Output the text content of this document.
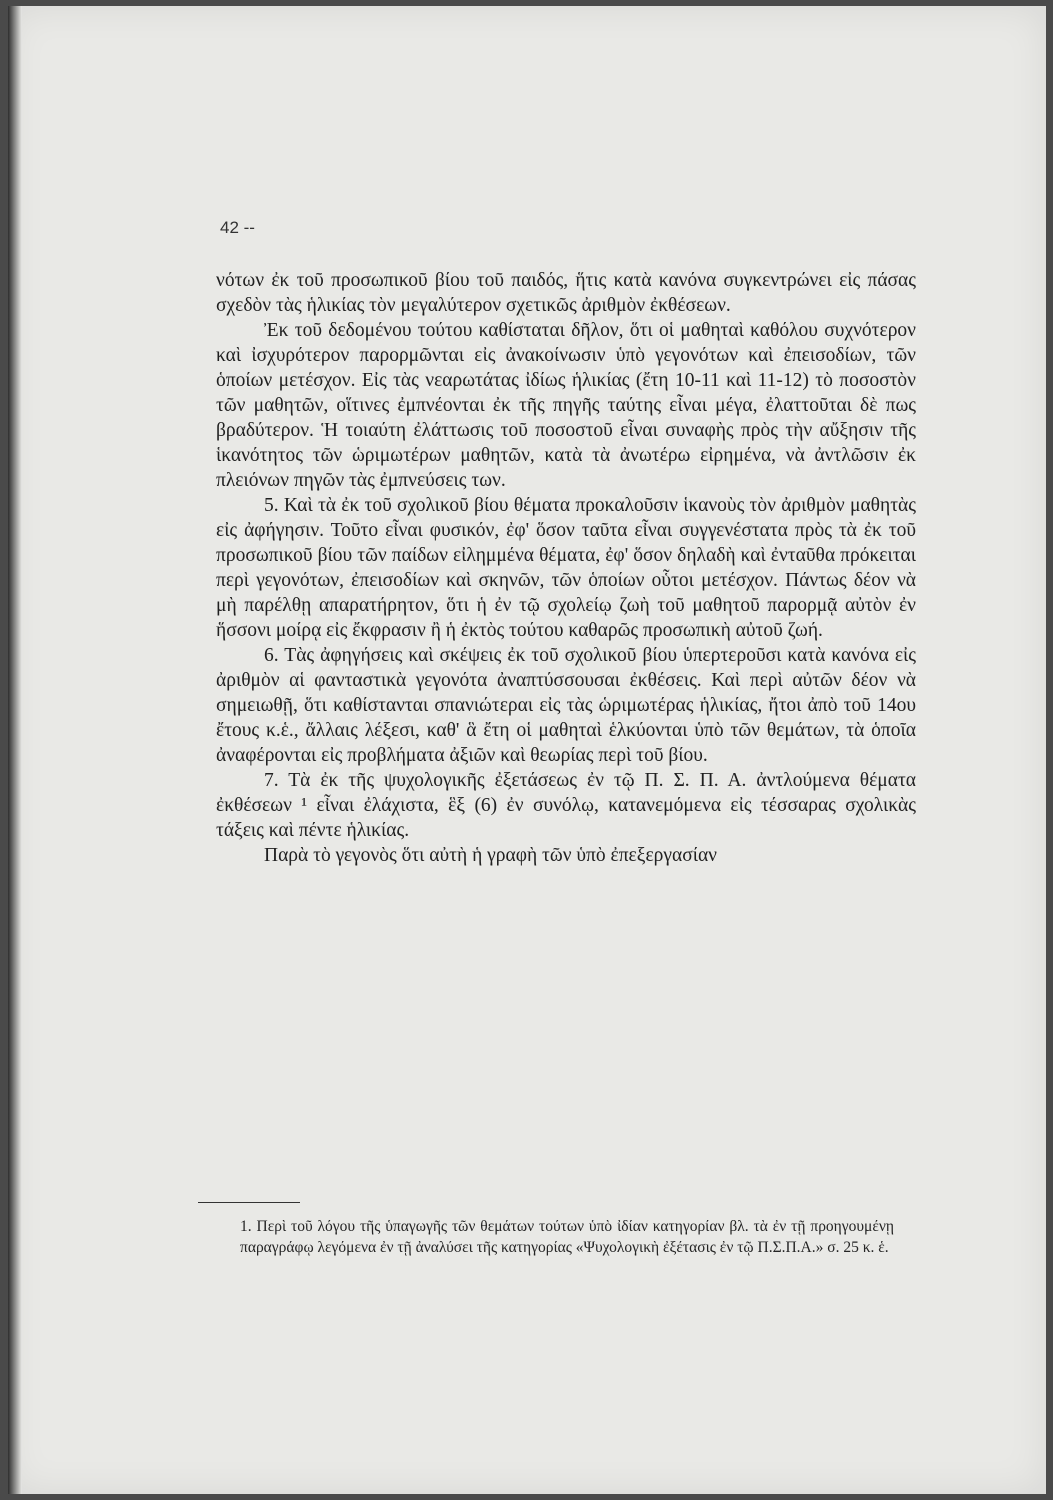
42 --

νότων ἐκ τοῦ προσωπικοῦ βίου τοῦ παιδός, ἥτις κατὰ κανόνα συγκεντρώνει εἰς πάσας σχεδὸν τὰς ἡλικίας τὸν μεγαλύτερον σχετικῶς ἀριθμὸν ἐκθέσεων.

Ἐκ τοῦ δεδομένου τούτου καθίσταται δῆλον, ὅτι οἱ μαθηταὶ καθόλου συχνότερον καὶ ἰσχυρότερον παρορμῶνται εἰς ἀνακοίνωσιν ὑπὸ γεγονότων καὶ ἐπεισοδίων, τῶν ὁποίων μετέσχον. Εἰς τὰς νεαρωτάτας ἰδίως ἡλικίας (ἔτη 10-11 καὶ 11-12) τὸ ποσοστὸν τῶν μαθητῶν, οἵτινες ἐμπνέονται ἐκ τῆς πηγῆς ταύτης εἶναι μέγα, ἐλαττοῦται δὲ πως βραδύτερον. Ἡ τοιαύτη ἐλάττωσις τοῦ ποσοστοῦ εἶναι συναφὴς πρὸς τὴν αὔξησιν τῆς ἱκανότητος τῶν ὡριμωτέρων μαθητῶν, κατὰ τὰ ἀνωτέρω εἰρημένα, νὰ ἀντλῶσιν ἐκ πλειόνων πηγῶν τὰς ἐμπνεύσεις των.

5. Καὶ τὰ ἐκ τοῦ σχολικοῦ βίου θέματα προκαλοῦσιν ἱκανοὺς τὸν ἀριθμὸν μαθητὰς εἰς ἀφήγησιν. Τοῦτο εἶναι φυσικόν, ἐφ' ὅσον ταῦτα εἶναι συγγενέστατα πρὸς τὰ ἐκ τοῦ προσωπικοῦ βίου τῶν παίδων εἰλημμένα θέματα, ἐφ' ὅσον δηλαδὴ καὶ ἐνταῦθα πρόκειται περὶ γεγονότων, ἐπεισοδίων καὶ σκηνῶν, τῶν ὁποίων οὗτοι μετέσχον. Πάντως δέον νὰ μὴ παρέλθῃ απαρατήρητον, ὅτι ἡ ἐν τῷ σχολείῳ ζωὴ τοῦ μαθητοῦ παρορμᾷ αὐτὸν ἐν ἥσσονι μοίρᾳ εἰς ἔκφρασιν ἢ ἡ ἐκτὸς τούτου καθαρῶς προσωπικὴ αὐτοῦ ζωή.

6. Τὰς ἀφηγήσεις καὶ σκέψεις ἐκ τοῦ σχολικοῦ βίου ὑπερτεροῦσι κατὰ κανόνα εἰς ἀριθμὸν αἱ φανταστικὰ γεγονότα ἀναπτύσσουσαι ἐκθέσεις. Καὶ περὶ αὐτῶν δέον νὰ σημειωθῇ, ὅτι καθίστανται σπανιώτεραι εἰς τὰς ὡριμωτέρας ἡλικίας, ἤτοι ἀπὸ τοῦ 14ου ἔτους κ.ἑ., ἄλλαις λέξεσι, καθ' ἃ ἔτη οἱ μαθηταὶ ἑλκύονται ὑπὸ τῶν θεμάτων, τὰ ὁποῖα ἀναφέρονται εἰς προβλήματα ἀξιῶν καὶ θεωρίας περὶ τοῦ βίου.

7. Τὰ ἐκ τῆς ψυχολογικῆς ἐξετάσεως ἐν τῷ Π. Σ. Π. Α. ἀντλούμενα θέματα ἐκθέσεων ¹ εἶναι ἐλάχιστα, ἓξ (6) ἐν συνόλῳ, κατανεμόμενα εἰς τέσσαρας σχολικὰς τάξεις καὶ πέντε ἡλικίας.

Παρὰ τὸ γεγονὸς ὅτι αὐτὴ ἡ γραφὴ τῶν ὑπὸ ἐπεξεργασίαν

1. Περὶ τοῦ λόγου τῆς ὑπαγωγῆς τῶν θεμάτων τούτων ὑπὸ ἰδίαν κατηγορίαν βλ. τὰ ἐν τῇ προηγουμένῃ παραγράφῳ λεγόμενα ἐν τῇ ἀναλύσει τῆς κατηγορίας «Ψυχολογικὴ ἐξέτασις ἐν τῷ Π.Σ.Π.Α.» σ. 25 κ. ἑ.
